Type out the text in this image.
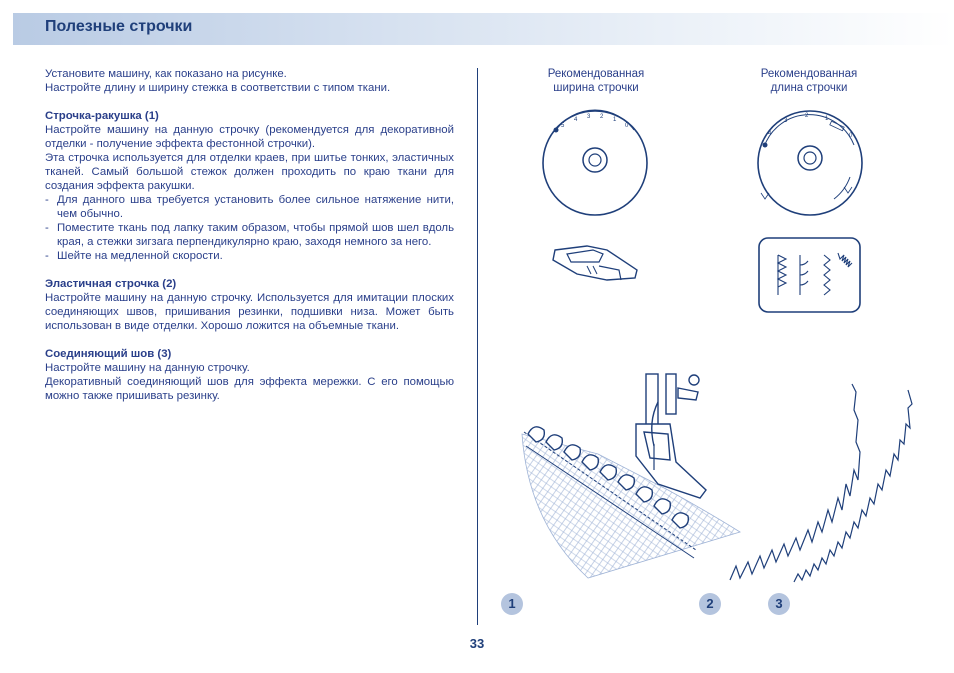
Полезные строчки

Установите машину, как показано на рисунке.

Настройте длину и ширину стежка в соответствии с типом ткани.

Строчка-ракушка (1)

Настройте машину на данную строчку (рекомендуется для декоративной отделки - получение эффекта фестонной строчки).

Эта строчка используется для отделки краев, при шитье тонких, эластичных тканей. Самый большой стежок должен проходить по краю ткани для создания эффекта ракушки.

- Для данного шва требуется установить более сильное натяжение нити, чем обычно.
- Поместите ткань под лапку таким образом, чтобы прямой шов шел вдоль края, а стежки зигзага перпендикулярно краю, заходя немного за него.
- Шейте на медленной скорости.

Эластичная строчка (2)

Настройте машину на данную строчку. Используется для имитации плоских соединяющих швов, пришивания резинки, подшивки низа. Может быть использован в виде отделки. Хорошо ложится на объемные ткани.

Соединяющий шов (3)

Настройте машину на данную строчку.

Декоративный соединяющий шов для эффекта мережки. С его помощью можно также пришивать резинку.

Рекомендованная
ширина строчки
5
4 3 2 1
0
Рекомендованная
длина строчки
4
3
2	1
0
1	2	3
33
